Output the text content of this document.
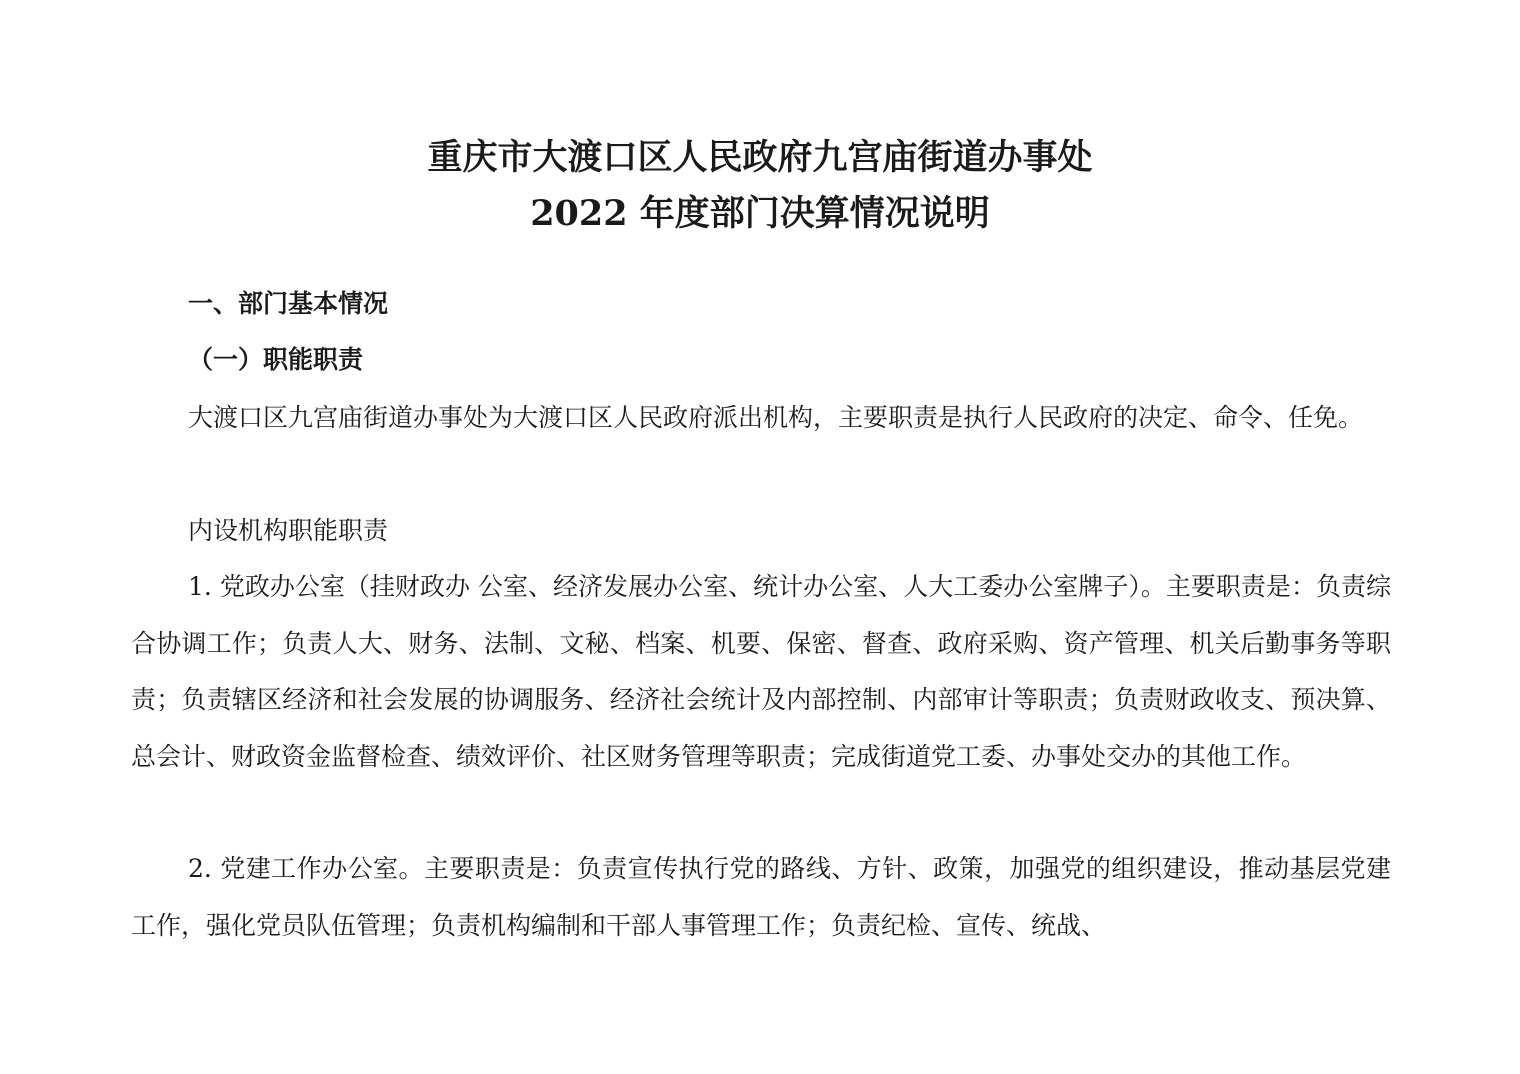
重庆市大渡口区人民政府九宫庙街道办事处
2022 年度部门决算情况说明
一、部门基本情况
（一）职能职责

大渡口区九宫庙街道办事处为大渡口区人民政府派出机构，主要职责是执行人民政府的决定、命令、任免。

内设机构职能职责

1. 党政办公室（挂财政办 公室、经济发展办公室、统计办公室、人大工委办公室牌子）。主要职责是：负责综合协调工作；负责人大、财务、法制、文秘、档案、机要、保密、督查、政府采购、资产管理、机关后勤事务等职责；负责辖区经济和社会发展的协调服务、经济社会统计及内部控制、内部审计等职责；负责财政收支、预决算、总会计、财政资金监督检查、绩效评价、社区财务管理等职责；完成街道党工委、办事处交办的其他工作。

2. 党建工作办公室。主要职责是：负责宣传执行党的路线、方针、政策，加强党的组织建设，推动基层党建工作，强化党员队伍管理；负责机构编制和干部人事管理工作；负责纪检、宣传、统战、
